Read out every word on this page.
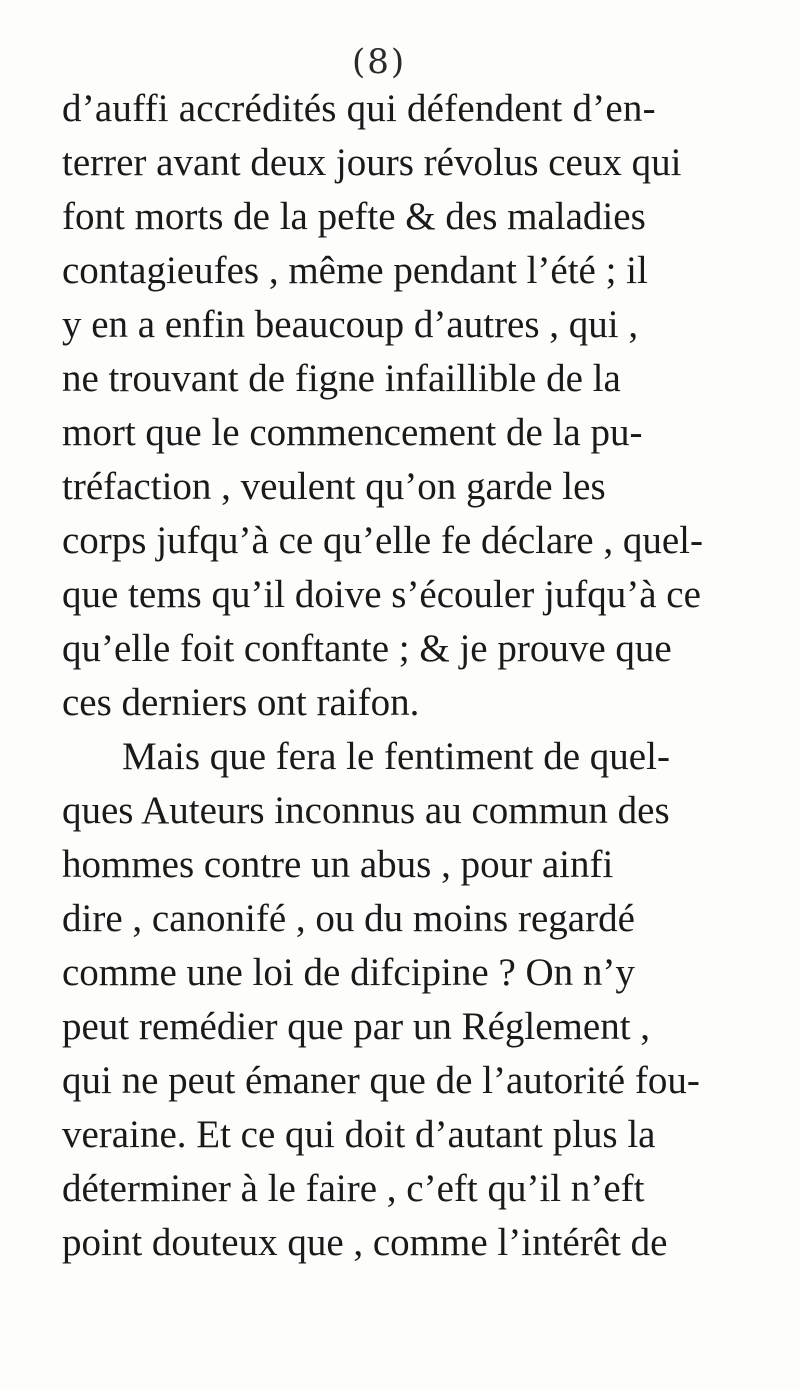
(8)
d’auffi accrédités qui défendent d’en-
terrer avant deux jours révolus ceux qui
font morts de la pefte & des maladies
contagieufes , même pendant l’été ; il
y en a enfin beaucoup d’autres , qui ,
ne trouvant de figne infaillible de la
mort que le commencement de la pu-
tréfaction , veulent qu’on garde les
corps jufqu’à ce qu’elle fe déclare , quel-
que tems qu’il doive s’écouler jufqu’à ce
qu’elle foit conftante ; & je prouve que
ces derniers ont raifon.
Mais que fera le fentiment de quel-
ques Auteurs inconnus au commun des
hommes contre un abus , pour ainfi
dire , canonifé , ou du moins regardé
comme une loi de difcipine ? On n’y
peut remédier que par un Réglement ,
qui ne peut émaner que de l’autorité fou-
veraine. Et ce qui doit d’autant plus la
déterminer à le faire , c’eft qu’il n’eft
point douteux que , comme l’intérêt de
